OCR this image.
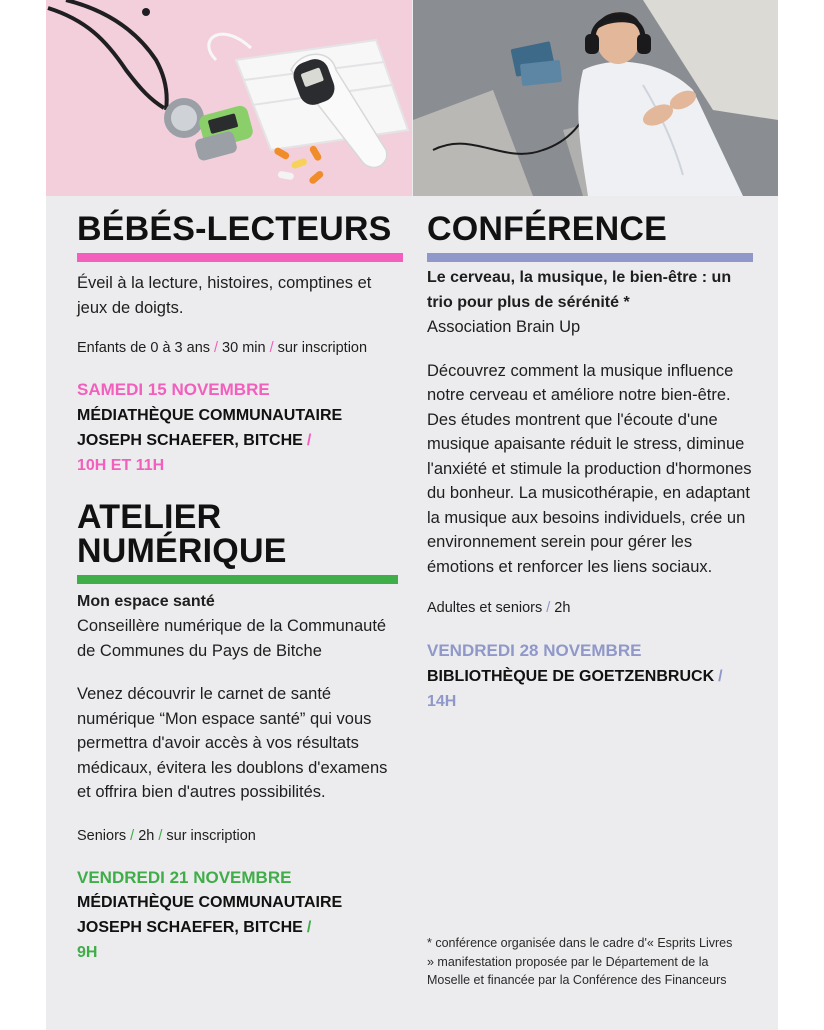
BÉBÉS-LECTEURS

Éveil à la lecture, histoires, comptines et jeux de doigts.

Enfants de 0 à 3 ans / 30 min / sur inscription

SAMEDI 15 NOVEMBRE

MÉDIATHÈQUE COMMUNAUTAIRE

JOSEPH SCHAEFER, BITCHE /

10H ET 11H

ATELIER
NUMÉRIQUE

Mon espace santé

Conseillère numérique de la Communauté de Communes du Pays de Bitche

Venez découvrir le carnet de santé numérique “Mon espace santé” qui vous permettra d'avoir accès à vos résultats médicaux, évitera les doublons d'examens et offrira bien d'autres possibilités.

Seniors / 2h / sur inscription

VENDREDI 21 NOVEMBRE

MÉDIATHÈQUE COMMUNAUTAIRE

JOSEPH SCHAEFER, BITCHE /

9H

CONFÉRENCE

Le cerveau, la musique, le bien-être : un trio pour plus de sérénité *

Association Brain Up

Découvrez comment la musique influence notre cerveau et améliore notre bien-être. Des études montrent que l'écoute d'une musique apaisante réduit le stress, diminue l'anxiété et stimule la production d'hormones du bonheur. La musicothérapie, en adaptant la musique aux besoins individuels, crée un environnement serein pour gérer les émotions et renforcer les liens sociaux.

Adultes et seniors / 2h

VENDREDI 28 NOVEMBRE

BIBLIOTHÈQUE DE GOETZENBRUCK /

14H

* conférence organisée dans le cadre d'« Esprits Livres » manifestation proposée par le Département de la Moselle et financée par la Conférence des Financeurs
